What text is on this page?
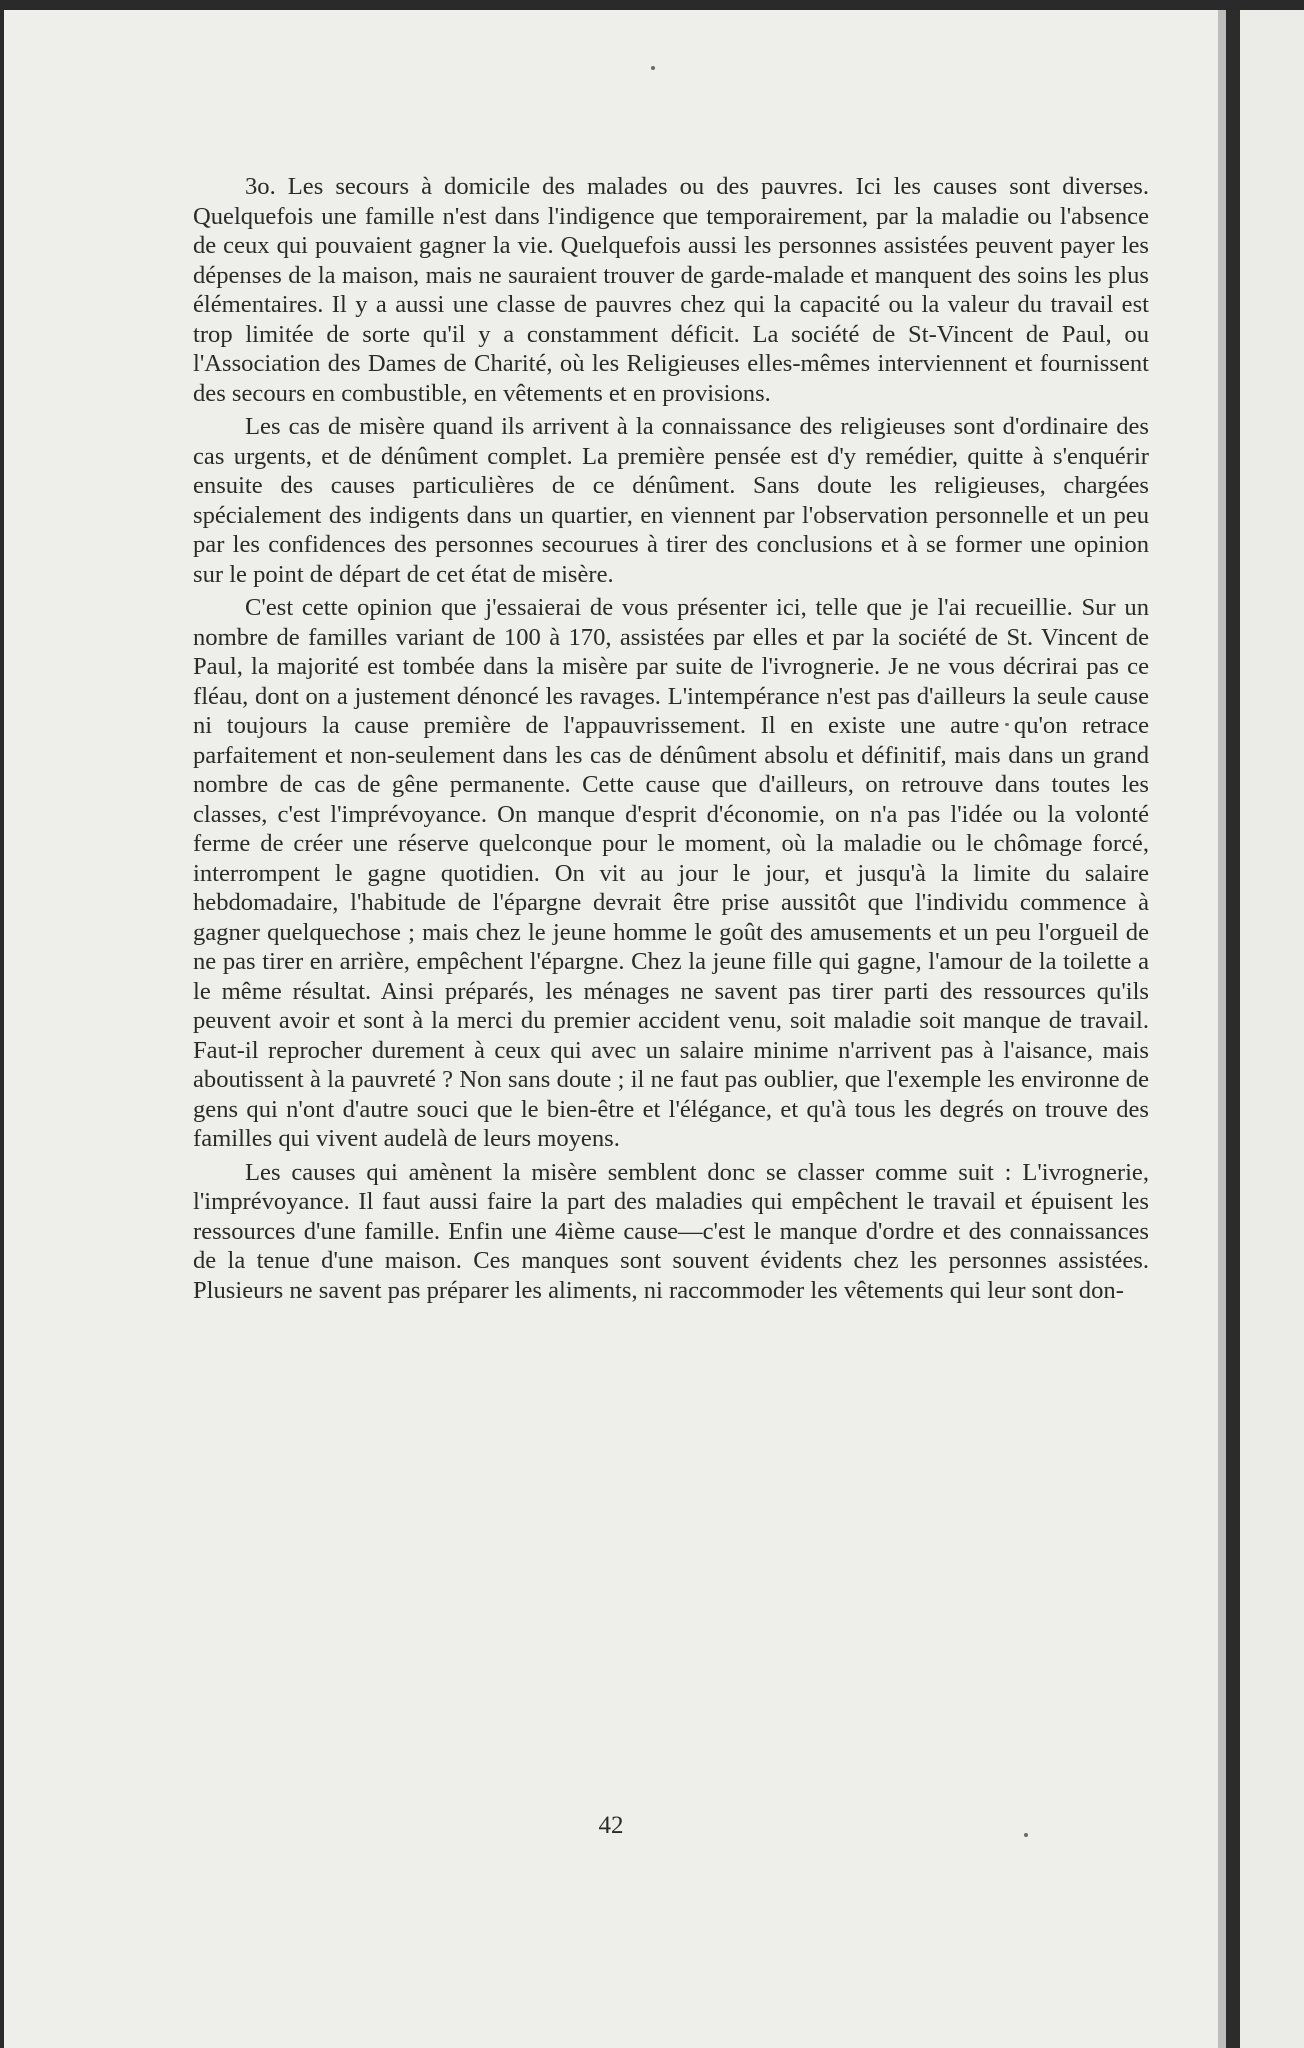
3o. Les secours à domicile des malades ou des pauvres. Ici les causes sont diverses. Quelquefois une famille n'est dans l'indigence que temporairement, par la maladie ou l'absence de ceux qui pouvaient gagner la vie. Quelquefois aussi les personnes assistées peuvent payer les dépenses de la maison, mais ne sauraient trouver de garde-malade et manquent des soins les plus élémentaires. Il y a aussi une classe de pauvres chez qui la capacité ou la valeur du travail est trop limitée de sorte qu'il y a constamment déficit. La société de St-Vincent de Paul, ou l'Association des Dames de Charité, où les Religieuses elles-mêmes interviennent et fournissent des secours en combustible, en vêtements et en provisions.

Les cas de misère quand ils arrivent à la connaissance des religieuses sont d'ordinaire des cas urgents, et de dénûment complet. La première pensée est d'y remédier, quitte à s'enquérir ensuite des causes particulières de ce dénûment. Sans doute les religieuses, chargées spécialement des indigents dans un quartier, en viennent par l'observation personnelle et un peu par les confidences des personnes secourues à tirer des conclusions et à se former une opinion sur le point de départ de cet état de misère.

C'est cette opinion que j'essaierai de vous présenter ici, telle que je l'ai recueillie. Sur un nombre de familles variant de 100 à 170, assistées par elles et par la société de St. Vincent de Paul, la majorité est tombée dans la misère par suite de l'ivrognerie. Je ne vous décrirai pas ce fléau, dont on a justement dénoncé les ravages. L'intempérance n'est pas d'ailleurs la seule cause ni toujours la cause première de l'appauvrissement. Il en existe une autre qu'on retrace parfaitement et non-seulement dans les cas de dénûment absolu et définitif, mais dans un grand nombre de cas de gêne permanente. Cette cause que d'ailleurs, on retrouve dans toutes les classes, c'est l'imprévoyance. On manque d'esprit d'économie, on n'a pas l'idée ou la volonté ferme de créer une réserve quelconque pour le moment, où la maladie ou le chômage forcé, interrompent le gagne quotidien. On vit au jour le jour, et jusqu'à la limite du salaire hebdomadaire, l'habitude de l'épargne devrait être prise aussitôt que l'individu commence à gagner quelquechose ; mais chez le jeune homme le goût des amusements et un peu l'orgueil de ne pas tirer en arrière, empêchent l'épargne. Chez la jeune fille qui gagne, l'amour de la toilette a le même résultat. Ainsi préparés, les ménages ne savent pas tirer parti des ressources qu'ils peuvent avoir et sont à la merci du premier accident venu, soit maladie soit manque de travail. Faut-il reprocher durement à ceux qui avec un salaire minime n'arrivent pas à l'aisance, mais aboutissent à la pauvreté ? Non sans doute ; il ne faut pas oublier, que l'exemple les environne de gens qui n'ont d'autre souci que le bien-être et l'élégance, et qu'à tous les degrés on trouve des familles qui vivent audelà de leurs moyens.

Les causes qui amènent la misère semblent donc se classer comme suit : L'ivrognerie, l'imprévoyance. Il faut aussi faire la part des maladies qui empêchent le travail et épuisent les ressources d'une famille. Enfin une 4ième cause—c'est le manque d'ordre et des connaissances de la tenue d'une maison. Ces manques sont souvent évidents chez les personnes assistées. Plusieurs ne savent pas préparer les aliments, ni raccommoder les vêtements qui leur sont don-

42
